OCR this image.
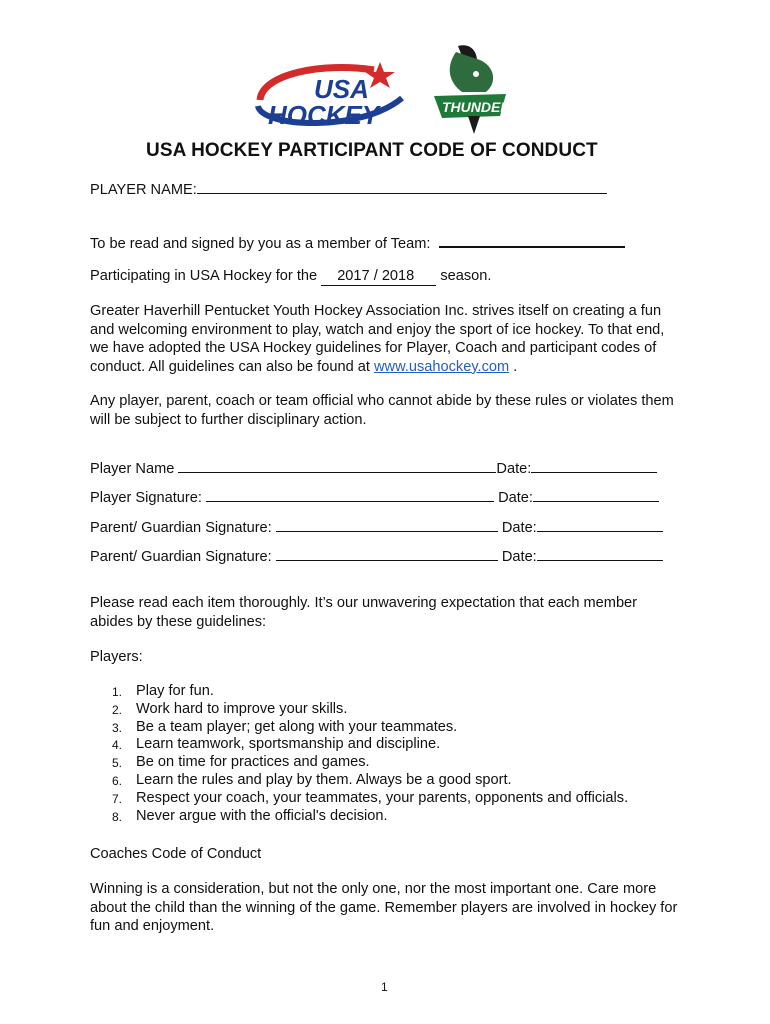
USA
HOCKEY	THUNDER
USA HOCKEY PARTICIPANT CODE OF CONDUCT
PLAYER NAME:
To be read and signed by you as a member of Team:
Participating in USA Hockey for the 2017 / 2018 season.
Greater Haverhill Pentucket Youth Hockey Association Inc. strives itself on creating a fun and welcoming environment to play, watch and enjoy the sport of ice hockey. To that end, we have adopted the USA Hockey guidelines for Player, Coach and participant codes of conduct. All guidelines can also be found at www.usahockey.com .
Any player, parent, coach or team official who cannot abide by these rules or violates them will be subject to further disciplinary action.
Player Name	Date:
Player Signature:	Date:
Parent/ Guardian Signature:	Date:
Parent/ Guardian Signature:	Date:
Please read each item thoroughly. It’s our unwavering expectation that each member abides by these guidelines:
Players:
1. Play for fun.
2. Work hard to improve your skills.
3. Be a team player; get along with your teammates.
4. Learn teamwork, sportsmanship and discipline.
5. Be on time for practices and games.
6. Learn the rules and play by them. Always be a good sport.
7. Respect your coach, your teammates, your parents, opponents and officials.
8. Never argue with the official's decision.
Coaches Code of Conduct
Winning is a consideration, but not the only one, nor the most important one. Care more about the child than the winning of the game. Remember players are involved in hockey for fun and enjoyment.
1
